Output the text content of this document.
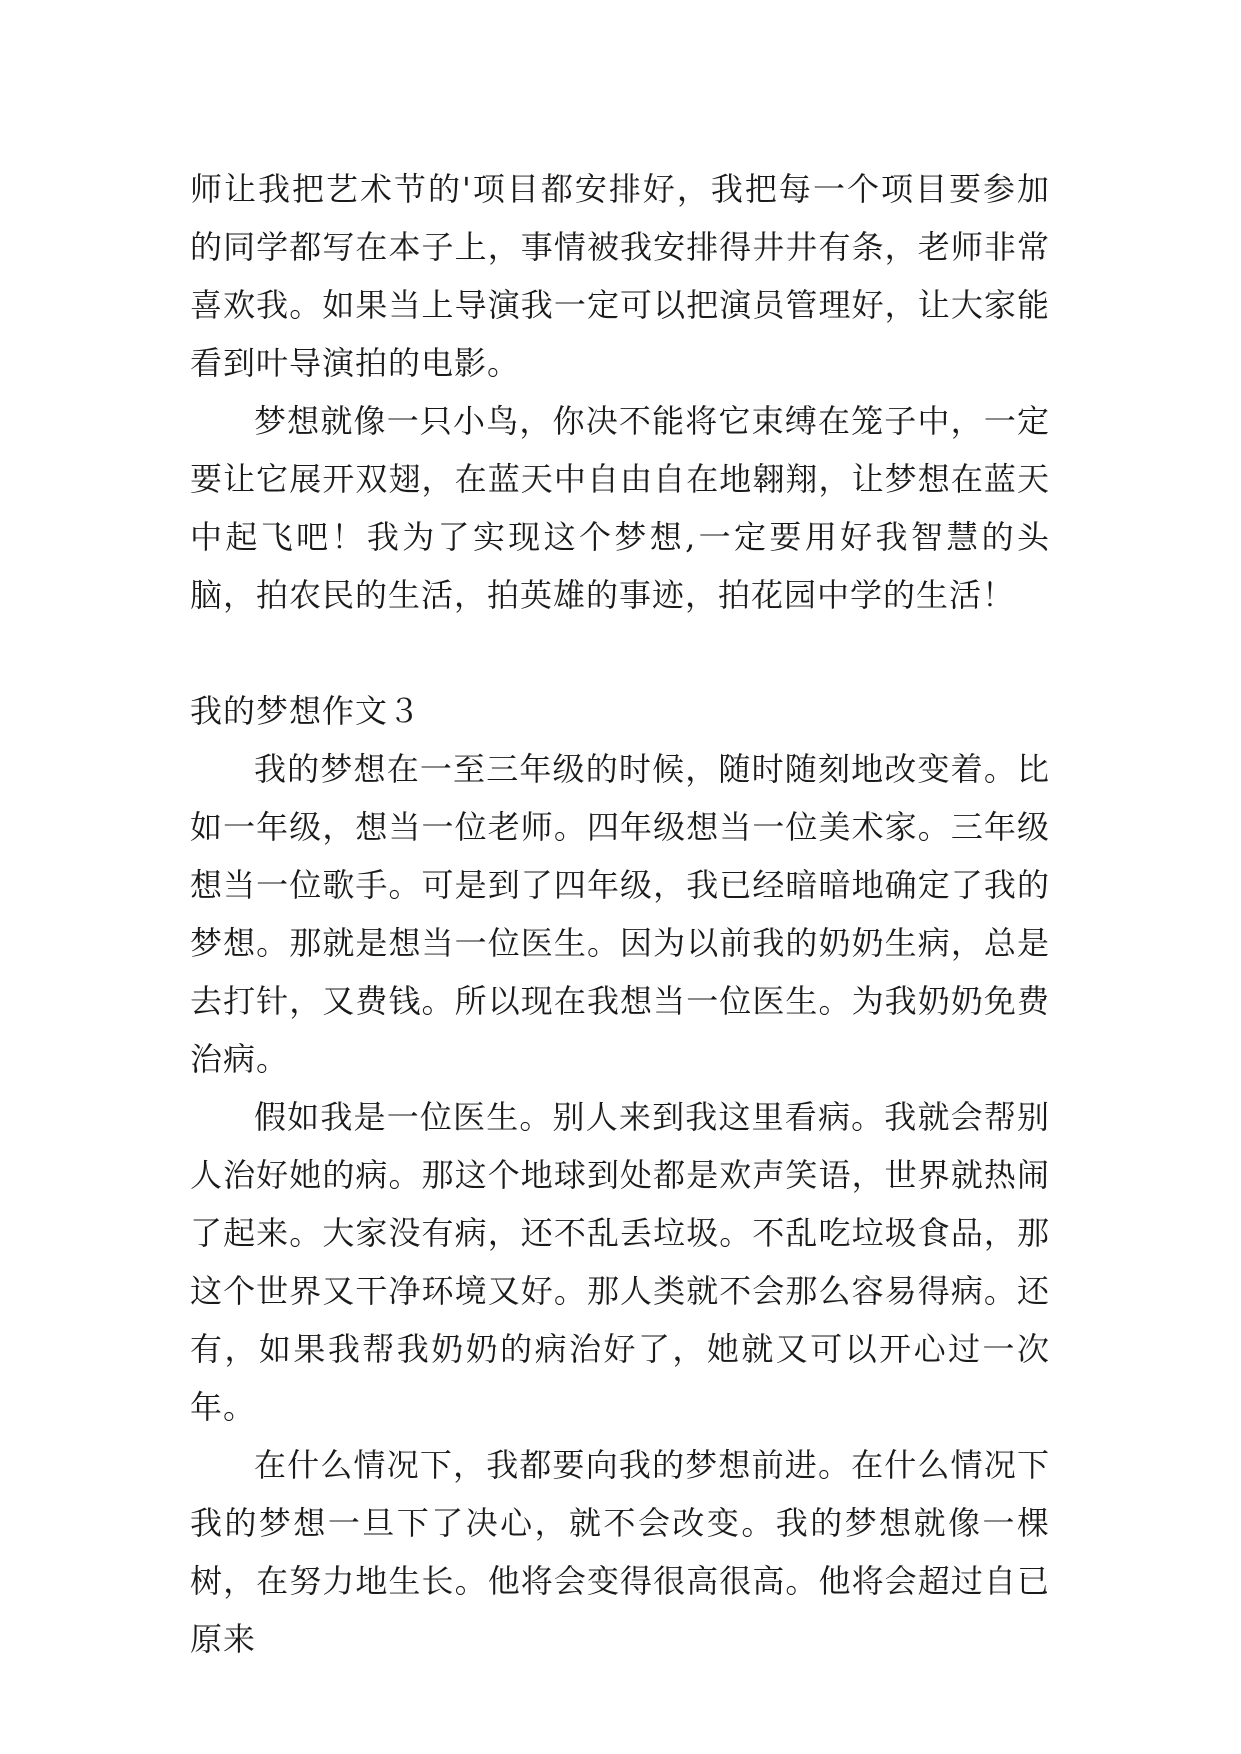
师让我把艺术节的'项目都安排好，我把每一个项目要参加的同学都写在本子上，事情被我安排得井井有条，老师非常喜欢我。如果当上导演我一定可以把演员管理好，让大家能看到叶导演拍的电影。

梦想就像一只小鸟，你决不能将它束缚在笼子中，一定要让它展开双翅，在蓝天中自由自在地翱翔，让梦想在蓝天中起飞吧！我为了实现这个梦想,一定要用好我智慧的头脑，拍农民的生活，拍英雄的事迹，拍花园中学的生活！

我的梦想作文３

我的梦想在一至三年级的时候，随时随刻地改变着。比如一年级，想当一位老师。四年级想当一位美术家。三年级想当一位歌手。可是到了四年级，我已经暗暗地确定了我的梦想。那就是想当一位医生。因为以前我的奶奶生病，总是去打针，又费钱。所以现在我想当一位医生。为我奶奶免费治病。

假如我是一位医生。别人来到我这里看病。我就会帮别人治好她的病。那这个地球到处都是欢声笑语，世界就热闹了起来。大家没有病，还不乱丢垃圾。不乱吃垃圾食品，那这个世界又干净环境又好。那人类就不会那么容易得病。还有，如果我帮我奶奶的病治好了，她就又可以开心过一次年。

在什么情况下，我都要向我的梦想前进。在什么情况下我的梦想一旦下了决心，就不会改变。我的梦想就像一棵树，在努力地生长。他将会变得很高很高。他将会超过自已原来
